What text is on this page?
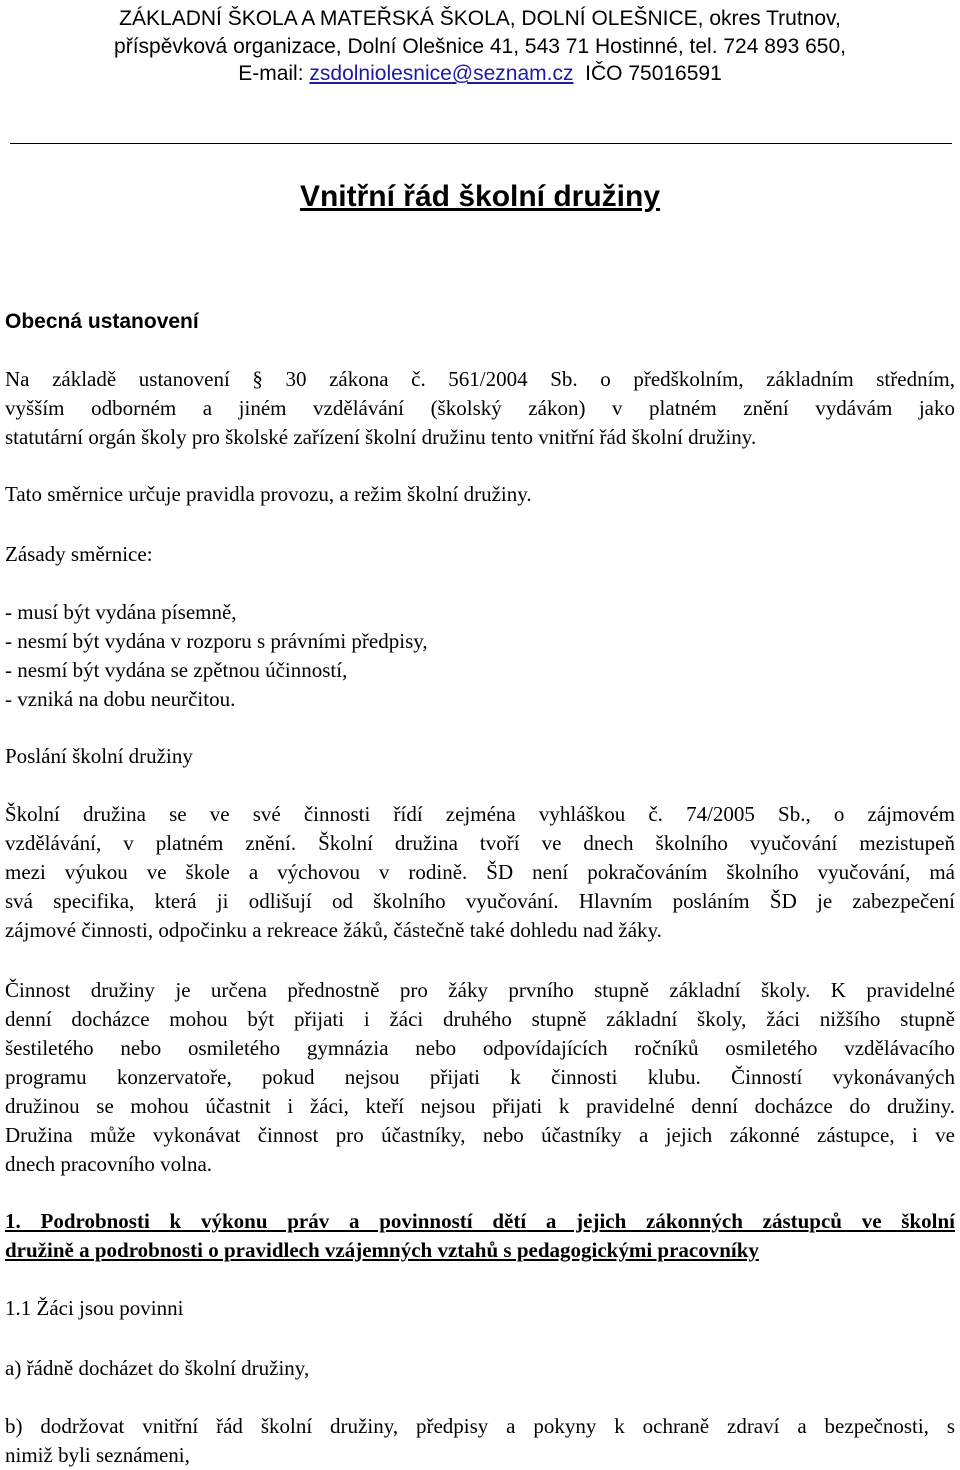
ZÁKLADNÍ ŠKOLA A MATEŘSKÁ ŠKOLA, DOLNÍ OLEŠNICE, okres Trutnov,
příspěvková organizace, Dolní Olešnice 41, 543 71 Hostinné, tel. 724 893 650,
E-mail: zsdolniolesnice@seznam.cz IČO 75016591
Vnitřní řád školní družiny
Obecná ustanovení
Na základě ustanovení § 30 zákona č. 561/2004 Sb. o předškolním, základním středním,
vyšším odborném a jiném vzdělávání (školský zákon) v platném znění vydávám jako
statutární orgán školy pro školské zařízení školní družinu tento vnitřní řád školní družiny.
Tato směrnice určuje pravidla provozu, a režim školní družiny.
Zásady směrnice:
- musí být vydána písemně,
- nesmí být vydána v rozporu s právními předpisy,
- nesmí být vydána se zpětnou účinností,
- vzniká na dobu neurčitou.
Poslání školní družiny
Školní družina se ve své činnosti řídí zejména vyhláškou č. 74/2005 Sb., o zájmovém
vzdělávání, v platném znění. Školní družina tvoří ve dnech školního vyučování mezistupeň
mezi výukou ve škole a výchovou v rodině. ŠD není pokračováním školního vyučování, má
svá specifika, která ji odlišují od školního vyučování. Hlavním posláním ŠD je zabezpečení
zájmové činnosti, odpočinku a rekreace žáků, částečně také dohledu nad žáky.
Činnost družiny je určena přednostně pro žáky prvního stupně základní školy. K pravidelné
denní docházce mohou být přijati i žáci druhého stupně základní školy, žáci nižšího stupně
šestiletého nebo osmiletého gymnázia nebo odpovídajících ročníků osmiletého vzdělávacího
programu konzervatoře, pokud nejsou přijati k činnosti klubu. Činností vykonávaných
družinou se mohou účastnit i žáci, kteří nejsou přijati k pravidelné denní docházce do družiny.
Družina může vykonávat činnost pro účastníky, nebo účastníky a jejich zákonné zástupce, i ve
dnech pracovního volna.
1. Podrobnosti k výkonu práv a povinností dětí a jejich zákonných zástupců ve školní
družině a podrobnosti o pravidlech vzájemných vztahů s pedagogickými pracovníky
1.1 Žáci jsou povinni
a) řádně docházet do školní družiny,
b) dodržovat vnitřní řád školní družiny, předpisy a pokyny k ochraně zdraví a bezpečnosti, s
nimiž byli seznámeni,
